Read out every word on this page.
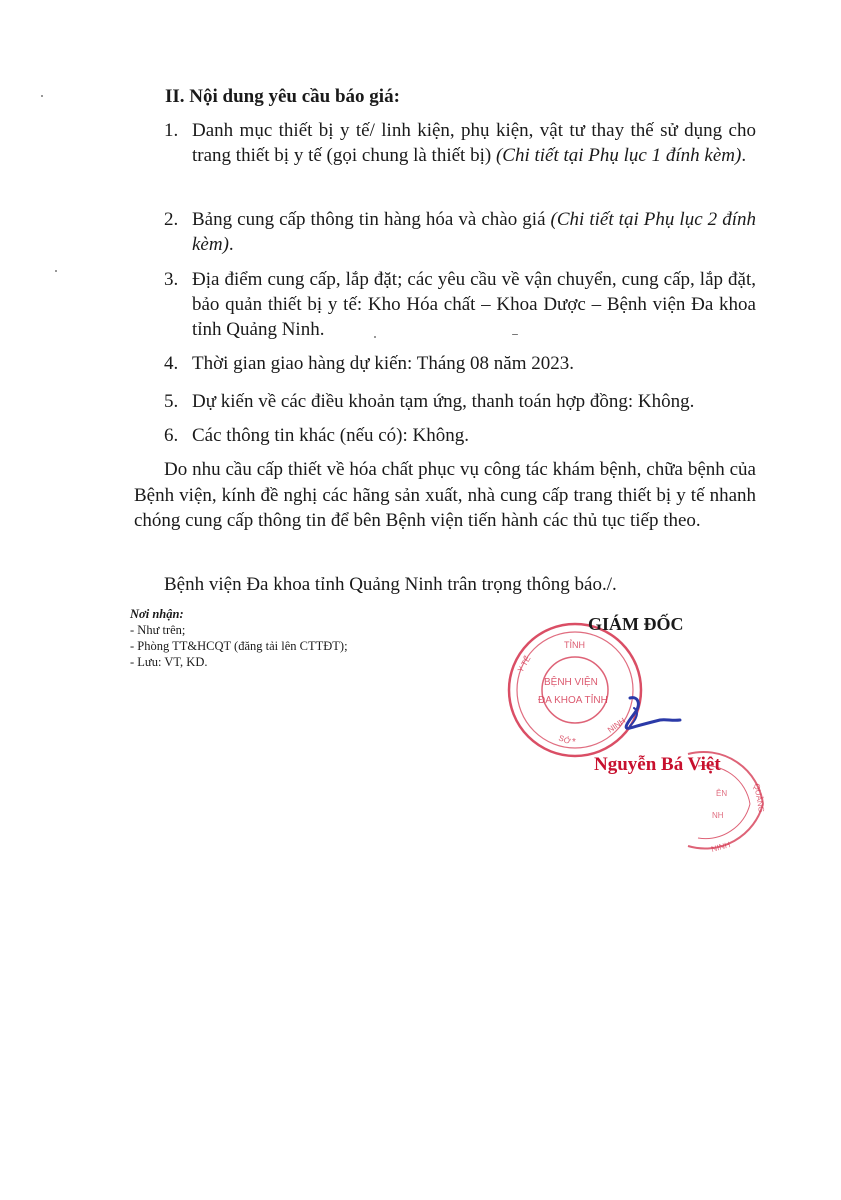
II. Nội dung yêu cầu báo giá:
1. Danh mục thiết bị y tế/ linh kiện, phụ kiện, vật tư thay thế sử dụng cho trang thiết bị y tế (gọi chung là thiết bị) (Chi tiết tại Phụ lục 1 đính kèm).
2. Bảng cung cấp thông tin hàng hóa và chào giá (Chi tiết tại Phụ lục 2 đính kèm).
3. Địa điểm cung cấp, lắp đặt; các yêu cầu về vận chuyển, cung cấp, lắp đặt, bảo quản thiết bị y tế: Kho Hóa chất – Khoa Dược – Bệnh viện Đa khoa tỉnh Quảng Ninh.
4. Thời gian giao hàng dự kiến: Tháng 08 năm 2023.
5. Dự kiến về các điều khoản tạm ứng, thanh toán hợp đồng: Không.
6. Các thông tin khác (nếu có): Không.

Do nhu cầu cấp thiết về hóa chất phục vụ công tác khám bệnh, chữa bệnh của Bệnh viện, kính đề nghị các hãng sản xuất, nhà cung cấp trang thiết bị y tế nhanh chóng cung cấp thông tin để bên Bệnh viện tiến hành các thủ tục tiếp theo.

Bệnh viện Đa khoa tỉnh Quảng Ninh trân trọng thông báo./.

Nơi nhận:
- Như trên;
- Phòng TT&HCQT (đăng tải lên CTTĐT);
- Lưu: VT, KD.
TỈNH
BỆNH VIỆN
ĐA KHOA TỈNH
Y TẾ
SỞ
NINH
*
QUẢNG
ÊN
NH
NINH
GIÁM ĐỐC

Nguyễn Bá Việt
